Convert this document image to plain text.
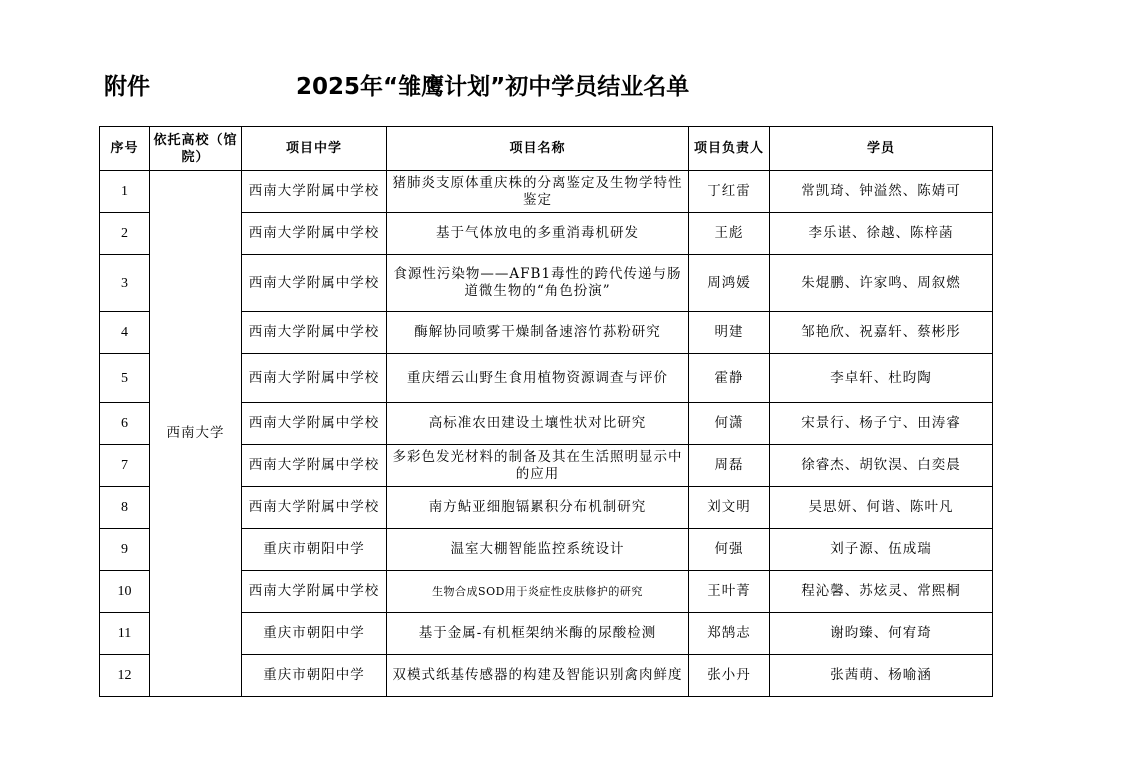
附件	2025年“雏鹰计划”初中学员结业名单
序号	依托高校（馆院）	项目中学	项目名称	项目负责人	学员
1	西南大学	西南大学附属中学校	猪肺炎支原体重庆株的分离鉴定及生物学特性鉴定	丁红雷	常凯琦、钟溢然、陈婧可
2		西南大学附属中学校	基于气体放电的多重消毒机研发	王彪	李乐谌、徐越、陈梓菡
3		西南大学附属中学校	食源性污染物——AFB1毒性的跨代传递与肠道微生物的“角色扮演”	周鸿媛	朱焜鹏、许家鸣、周叙燃
4		西南大学附属中学校	酶解协同喷雾干燥制备速溶竹荪粉研究	明建	邹艳欣、祝嘉轩、蔡彬彤
5		西南大学附属中学校	重庆缙云山野生食用植物资源调查与评价	霍静	李卓轩、杜昀陶
6		西南大学附属中学校	高标准农田建设土壤性状对比研究	何潇	宋景行、杨子宁、田涛睿
7		西南大学附属中学校	多彩色发光材料的制备及其在生活照明显示中的应用	周磊	徐睿杰、胡钦淏、白奕晨
8		西南大学附属中学校	南方鲇亚细胞镉累积分布机制研究	刘文明	吴思妍、何谐、陈叶凡
9		重庆市朝阳中学	温室大棚智能监控系统设计	何强	刘子源、伍成瑞
10		西南大学附属中学校	生物合成SOD用于炎症性皮肤修护的研究	王叶菁	程沁馨、苏炫灵、常熙桐
11		重庆市朝阳中学	基于金属-有机框架纳米酶的尿酸检测	郑鹄志	谢昀臻、何宥琦
12		重庆市朝阳中学	双模式纸基传感器的构建及智能识别禽肉鲜度	张小丹	张茜萌、杨喻涵
